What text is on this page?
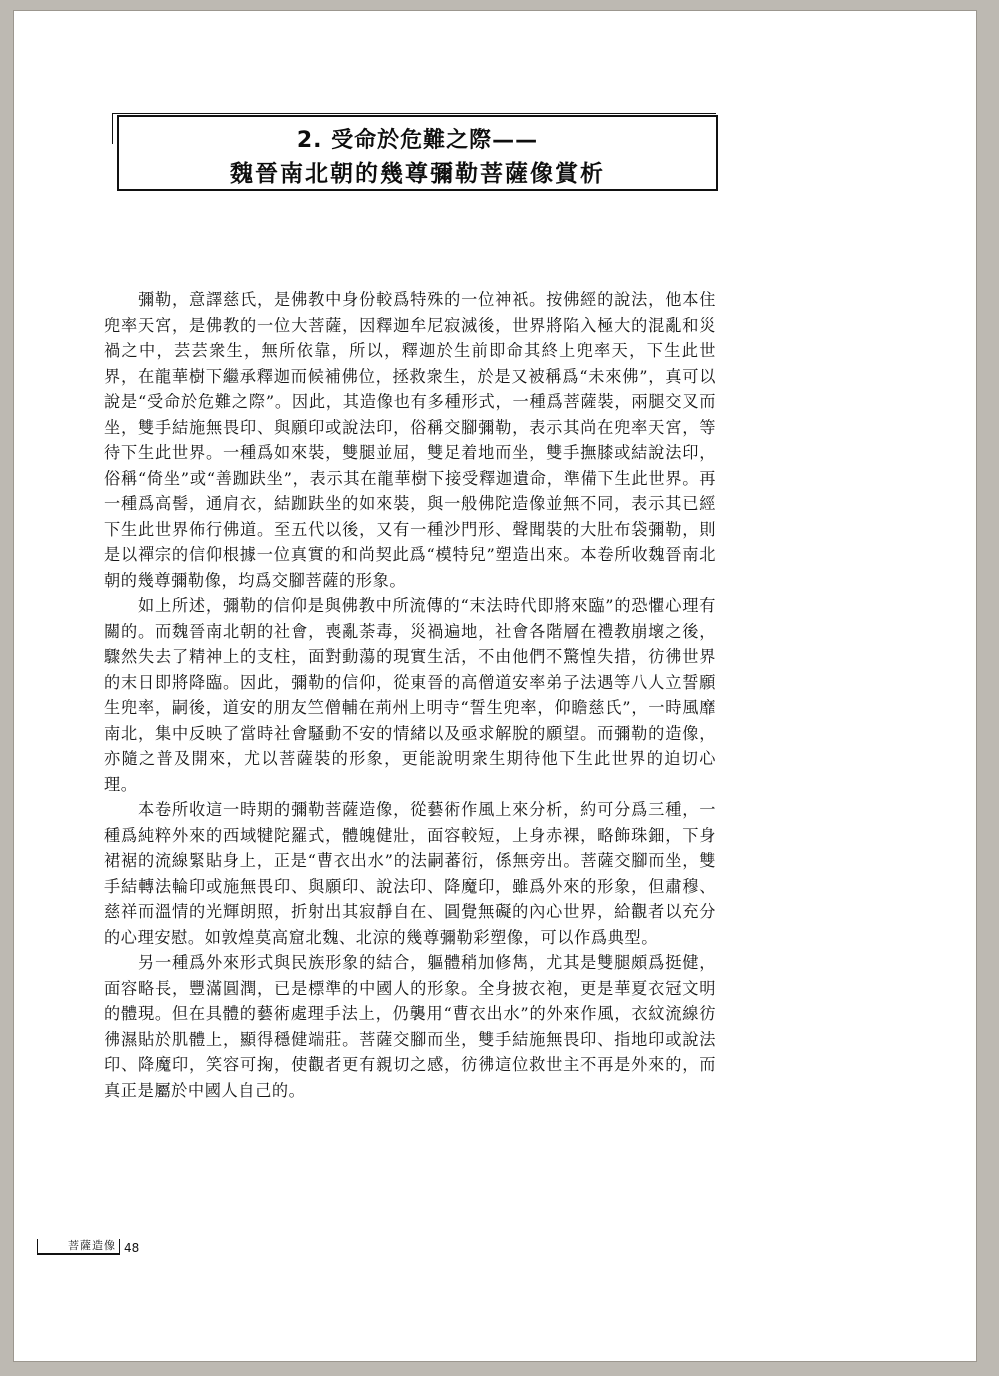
2. 受命於危難之際——
魏晉南北朝的幾尊彌勒菩薩像賞析

彌勒，意譯慈氏，是佛教中身份較爲特殊的一位神祇。按佛經的說法，他本住兜率天宮，是佛教的一位大菩薩，因釋迦牟尼寂滅後，世界將陷入極大的混亂和災禍之中，芸芸衆生，無所依靠，所以，釋迦於生前即命其終上兜率天，下生此世界，在龍華樹下繼承釋迦而候補佛位，拯救衆生，於是又被稱爲“未來佛”，真可以說是“受命於危難之際”。因此，其造像也有多種形式，一種爲菩薩裝，兩腿交叉而坐，雙手結施無畏印、與願印或說法印，俗稱交腳彌勒，表示其尚在兜率天宮，等待下生此世界。一種爲如來裝，雙腿並屈，雙足着地而坐，雙手撫膝或結說法印，俗稱“倚坐”或“善跏趺坐”，表示其在龍華樹下接受釋迦遺命，準備下生此世界。再一種爲高髻，通肩衣，結跏趺坐的如來裝，與一般佛陀造像並無不同，表示其已經下生此世界佈行佛道。至五代以後，又有一種沙門形、聲聞裝的大肚布袋彌勒，則是以禪宗的信仰根據一位真實的和尚契此爲“模特兒”塑造出來。本卷所收魏晉南北朝的幾尊彌勒像，均爲交腳菩薩的形象。

如上所述，彌勒的信仰是與佛教中所流傳的“末法時代即將來臨”的恐懼心理有關的。而魏晉南北朝的社會，喪亂荼毒，災禍遍地，社會各階層在禮教崩壞之後，驟然失去了精神上的支柱，面對動蕩的現實生活，不由他們不驚惶失措，彷彿世界的末日即將降臨。因此，彌勒的信仰，從東晉的高僧道安率弟子法遇等八人立誓願生兜率，嗣後，道安的朋友竺僧輔在荊州上明寺“誓生兜率，仰瞻慈氏”，一時風靡南北，集中反映了當時社會騷動不安的情緒以及亟求解脫的願望。而彌勒的造像，亦隨之普及開來，尤以菩薩裝的形象，更能說明衆生期待他下生此世界的迫切心理。

本卷所收這一時期的彌勒菩薩造像，從藝術作風上來分析，約可分爲三種，一種爲純粹外來的西域犍陀羅式，體魄健壯，面容較短，上身赤裸，略飾珠鈿，下身裙裾的流線緊貼身上，正是“曹衣出水”的法嗣蕃衍，係無旁出。菩薩交腳而坐，雙手結轉法輪印或施無畏印、與願印、說法印、降魔印，雖爲外來的形象，但肅穆、慈祥而溫情的光輝朗照，折射出其寂靜自在、圓覺無礙的內心世界，給觀者以充分的心理安慰。如敦煌莫高窟北魏、北涼的幾尊彌勒彩塑像，可以作爲典型。

另一種爲外來形式與民族形象的結合，軀體稍加修雋，尤其是雙腿頗爲挺健，面容略長，豐滿圓潤，已是標準的中國人的形象。全身披衣袍，更是華夏衣冠文明的體現。但在具體的藝術處理手法上，仍襲用“曹衣出水”的外來作風，衣紋流線彷彿濕貼於肌體上，顯得穩健端莊。菩薩交腳而坐，雙手結施無畏印、指地印或說法印、降魔印，笑容可掬，使觀者更有親切之感，彷彿這位救世主不再是外來的，而真正是屬於中國人自己的。

菩薩造像 48
